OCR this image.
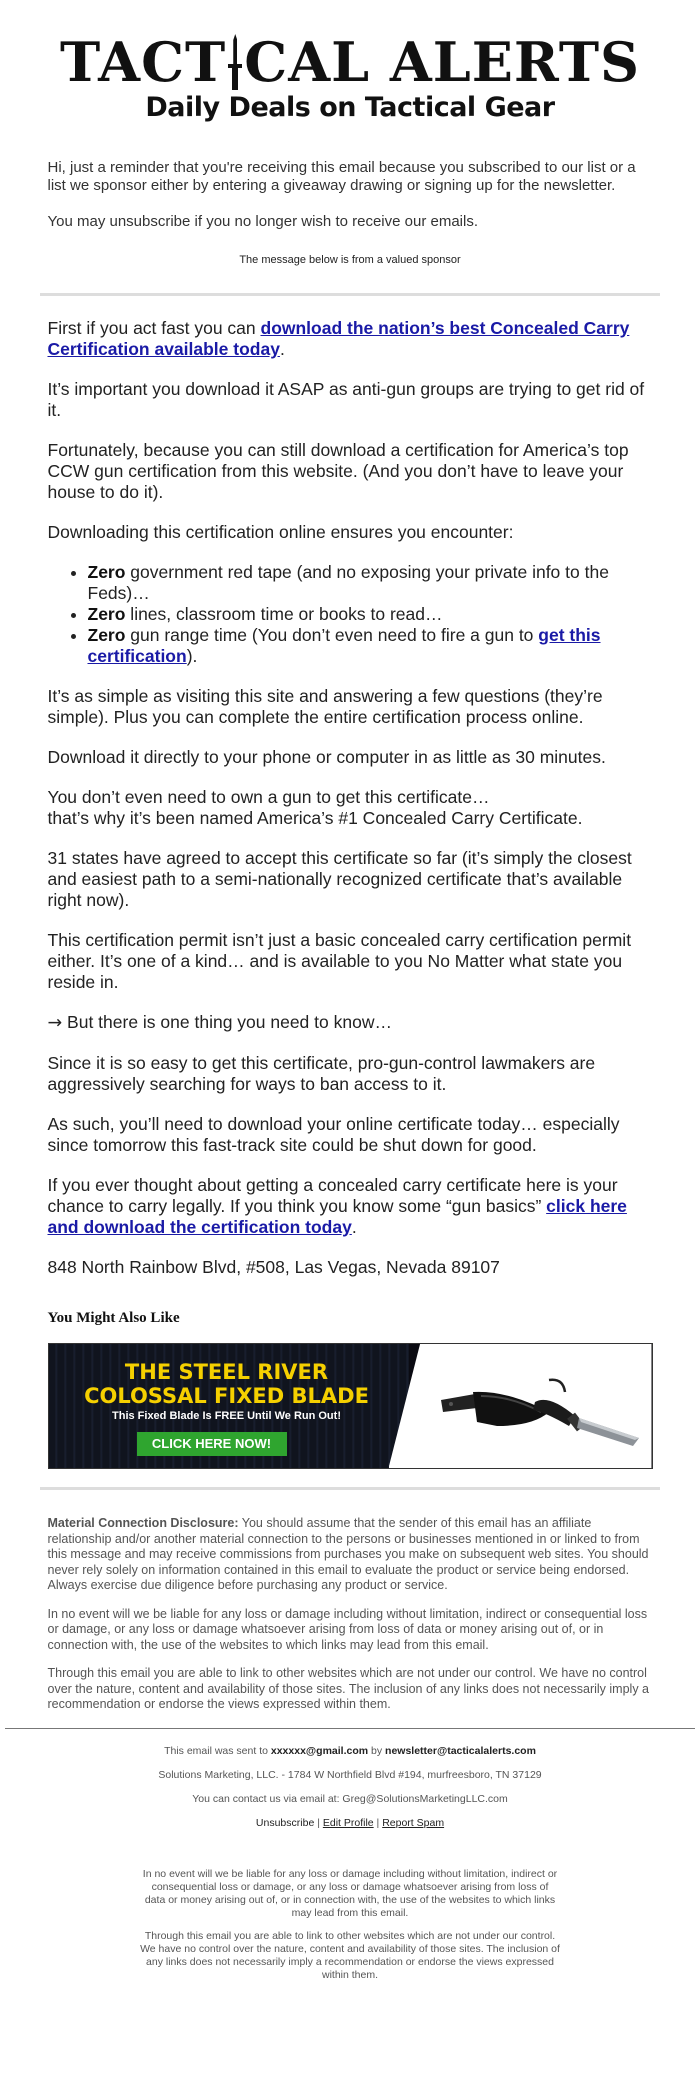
TACT CAL ALERTS
Daily Deals on Tactical Gear

Hi, just a reminder that you're receiving this email because you subscribed to our list or a list we sponsor either by entering a giveaway drawing or signing up for the newsletter.

You may unsubscribe if you no longer wish to receive our emails.

The message below is from a valued sponsor

First if you act fast you can download the nation’s best Concealed Carry Certification available today.

It’s important you download it ASAP as anti-gun groups are trying to get rid of it.

Fortunately, because you can still download a certification for America’s top CCW gun certification from this website. (And you don’t have to leave your house to do it).

Downloading this certification online ensures you encounter:

• Zero government red tape (and no exposing your private info to the Feds)…
• Zero lines, classroom time or books to read…
• Zero gun range time (You don’t even need to fire a gun to get this certification).

It’s as simple as visiting this site and answering a few questions (they’re simple). Plus you can complete the entire certification process online.

Download it directly to your phone or computer in as little as 30 minutes.

You don’t even need to own a gun to get this certificate…
that’s why it’s been named America’s #1 Concealed Carry Certificate.

31 states have agreed to accept this certificate so far (it’s simply the closest and easiest path to a semi-nationally recognized certificate that’s available right now).

This certification permit isn’t just a basic concealed carry certification permit either. It’s one of a kind… and is available to you No Matter what state you reside in.

→ But there is one thing you need to know…

Since it is so easy to get this certificate, pro-gun-control lawmakers are aggressively searching for ways to ban access to it.

As such, you’ll need to download your online certificate today… especially since tomorrow this fast-track site could be shut down for good.

If you ever thought about getting a concealed carry certificate here is your chance to carry legally. If you think you know some “gun basics” click here and download the certification today.

848 North Rainbow Blvd, #508, Las Vegas, Nevada 89107

You Might Also Like
THE STEEL RIVER
COLOSSAL FIXED BLADE
This Fixed Blade Is FREE Until We Run Out!
CLICK HERE NOW!

Material Connection Disclosure: You should assume that the sender of this email has an affiliate relationship and/or another material connection to the persons or businesses mentioned in or linked to from this message and may receive commissions from purchases you make on subsequent web sites. You should never rely solely on information contained in this email to evaluate the product or service being endorsed. Always exercise due diligence before purchasing any product or service.

In no event will we be liable for any loss or damage including without limitation, indirect or consequential loss or damage, or any loss or damage whatsoever arising from loss of data or money arising out of, or in connection with, the use of the websites to which links may lead from this email.

Through this email you are able to link to other websites which are not under our control. We have no control over the nature, content and availability of those sites. The inclusion of any links does not necessarily imply a recommendation or endorse the views expressed within them.

This email was sent to xxxxxx@gmail.com by newsletter@tacticalalerts.com

Solutions Marketing, LLC. - 1784 W Northfield Blvd #194, murfreesboro, TN 37129

You can contact us via email at: Greg@SolutionsMarketingLLC.com

Unsubscribe | Edit Profile | Report Spam

In no event will we be liable for any loss or damage including without limitation, indirect or consequential loss or damage, or any loss or damage whatsoever arising from loss of data or money arising out of, or in connection with, the use of the websites to which links may lead from this email.

Through this email you are able to link to other websites which are not under our control. We have no control over the nature, content and availability of those sites. The inclusion of any links does not necessarily imply a recommendation or endorse the views expressed within them.
